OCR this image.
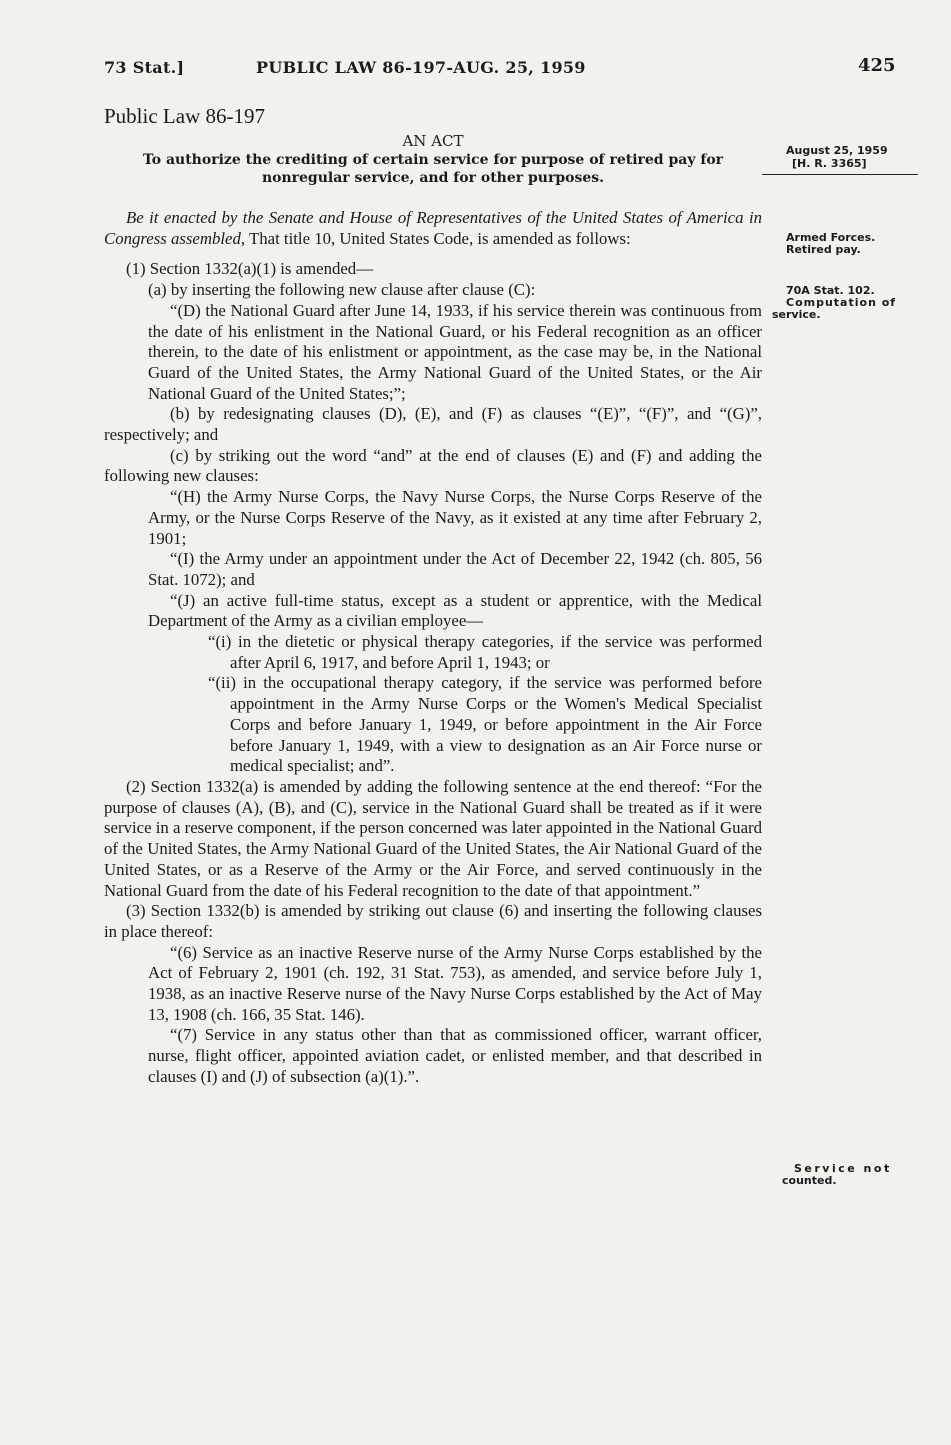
73 Stat.]	PUBLIC LAW 86-197-AUG. 25, 1959	425
Public Law 86-197
AN ACT
To authorize the crediting of certain service for purpose of retired pay for
nonregular service, and for other purposes.
August 25, 1959
[H. R. 3365]
Armed Forces.
Retired pay.
70A Stat. 102.
Computation of
service.
Service not
counted.

Be it enacted by the Senate and House of Representatives of the United States of America in Congress assembled, That title 10, United States Code, is amended as follows:

(1) Section 1332(a)(1) is amended—

(a) by inserting the following new clause after clause (C):

“(D) the National Guard after June 14, 1933, if his service therein was continuous from the date of his enlistment in the National Guard, or his Federal recognition as an officer therein, to the date of his enlistment or appointment, as the case may be, in the National Guard of the United States, the Army National Guard of the United States, or the Air National Guard of the United States;”;

(b) by redesignating clauses (D), (E), and (F) as clauses “(E)”, “(F)”, and “(G)”, respectively; and

(c) by striking out the word “and” at the end of clauses (E) and (F) and adding the following new clauses:

“(H) the Army Nurse Corps, the Navy Nurse Corps, the Nurse Corps Reserve of the Army, or the Nurse Corps Reserve of the Navy, as it existed at any time after February 2, 1901;

“(I) the Army under an appointment under the Act of December 22, 1942 (ch. 805, 56 Stat. 1072); and

“(J) an active full-time status, except as a student or apprentice, with the Medical Department of the Army as a civilian employee—

“(i) in the dietetic or physical therapy categories, if the service was performed after April 6, 1917, and before April 1, 1943; or

“(ii) in the occupational therapy category, if the service was performed before appointment in the Army Nurse Corps or the Women's Medical Specialist Corps and before January 1, 1949, or before appointment in the Air Force before January 1, 1949, with a view to designation as an Air Force nurse or medical specialist; and”.

(2) Section 1332(a) is amended by adding the following sentence at the end thereof: “For the purpose of clauses (A), (B), and (C), service in the National Guard shall be treated as if it were service in a reserve component, if the person concerned was later appointed in the National Guard of the United States, the Army National Guard of the United States, the Air National Guard of the United States, or as a Reserve of the Army or the Air Force, and served continuously in the National Guard from the date of his Federal recognition to the date of that appointment.”

(3) Section 1332(b) is amended by striking out clause (6) and inserting the following clauses in place thereof:

“(6) Service as an inactive Reserve nurse of the Army Nurse Corps established by the Act of February 2, 1901 (ch. 192, 31 Stat. 753), as amended, and service before July 1, 1938, as an inactive Reserve nurse of the Navy Nurse Corps established by the Act of May 13, 1908 (ch. 166, 35 Stat. 146).

“(7) Service in any status other than that as commissioned officer, warrant officer, nurse, flight officer, appointed aviation cadet, or enlisted member, and that described in clauses (I) and (J) of subsection (a)(1).”.
